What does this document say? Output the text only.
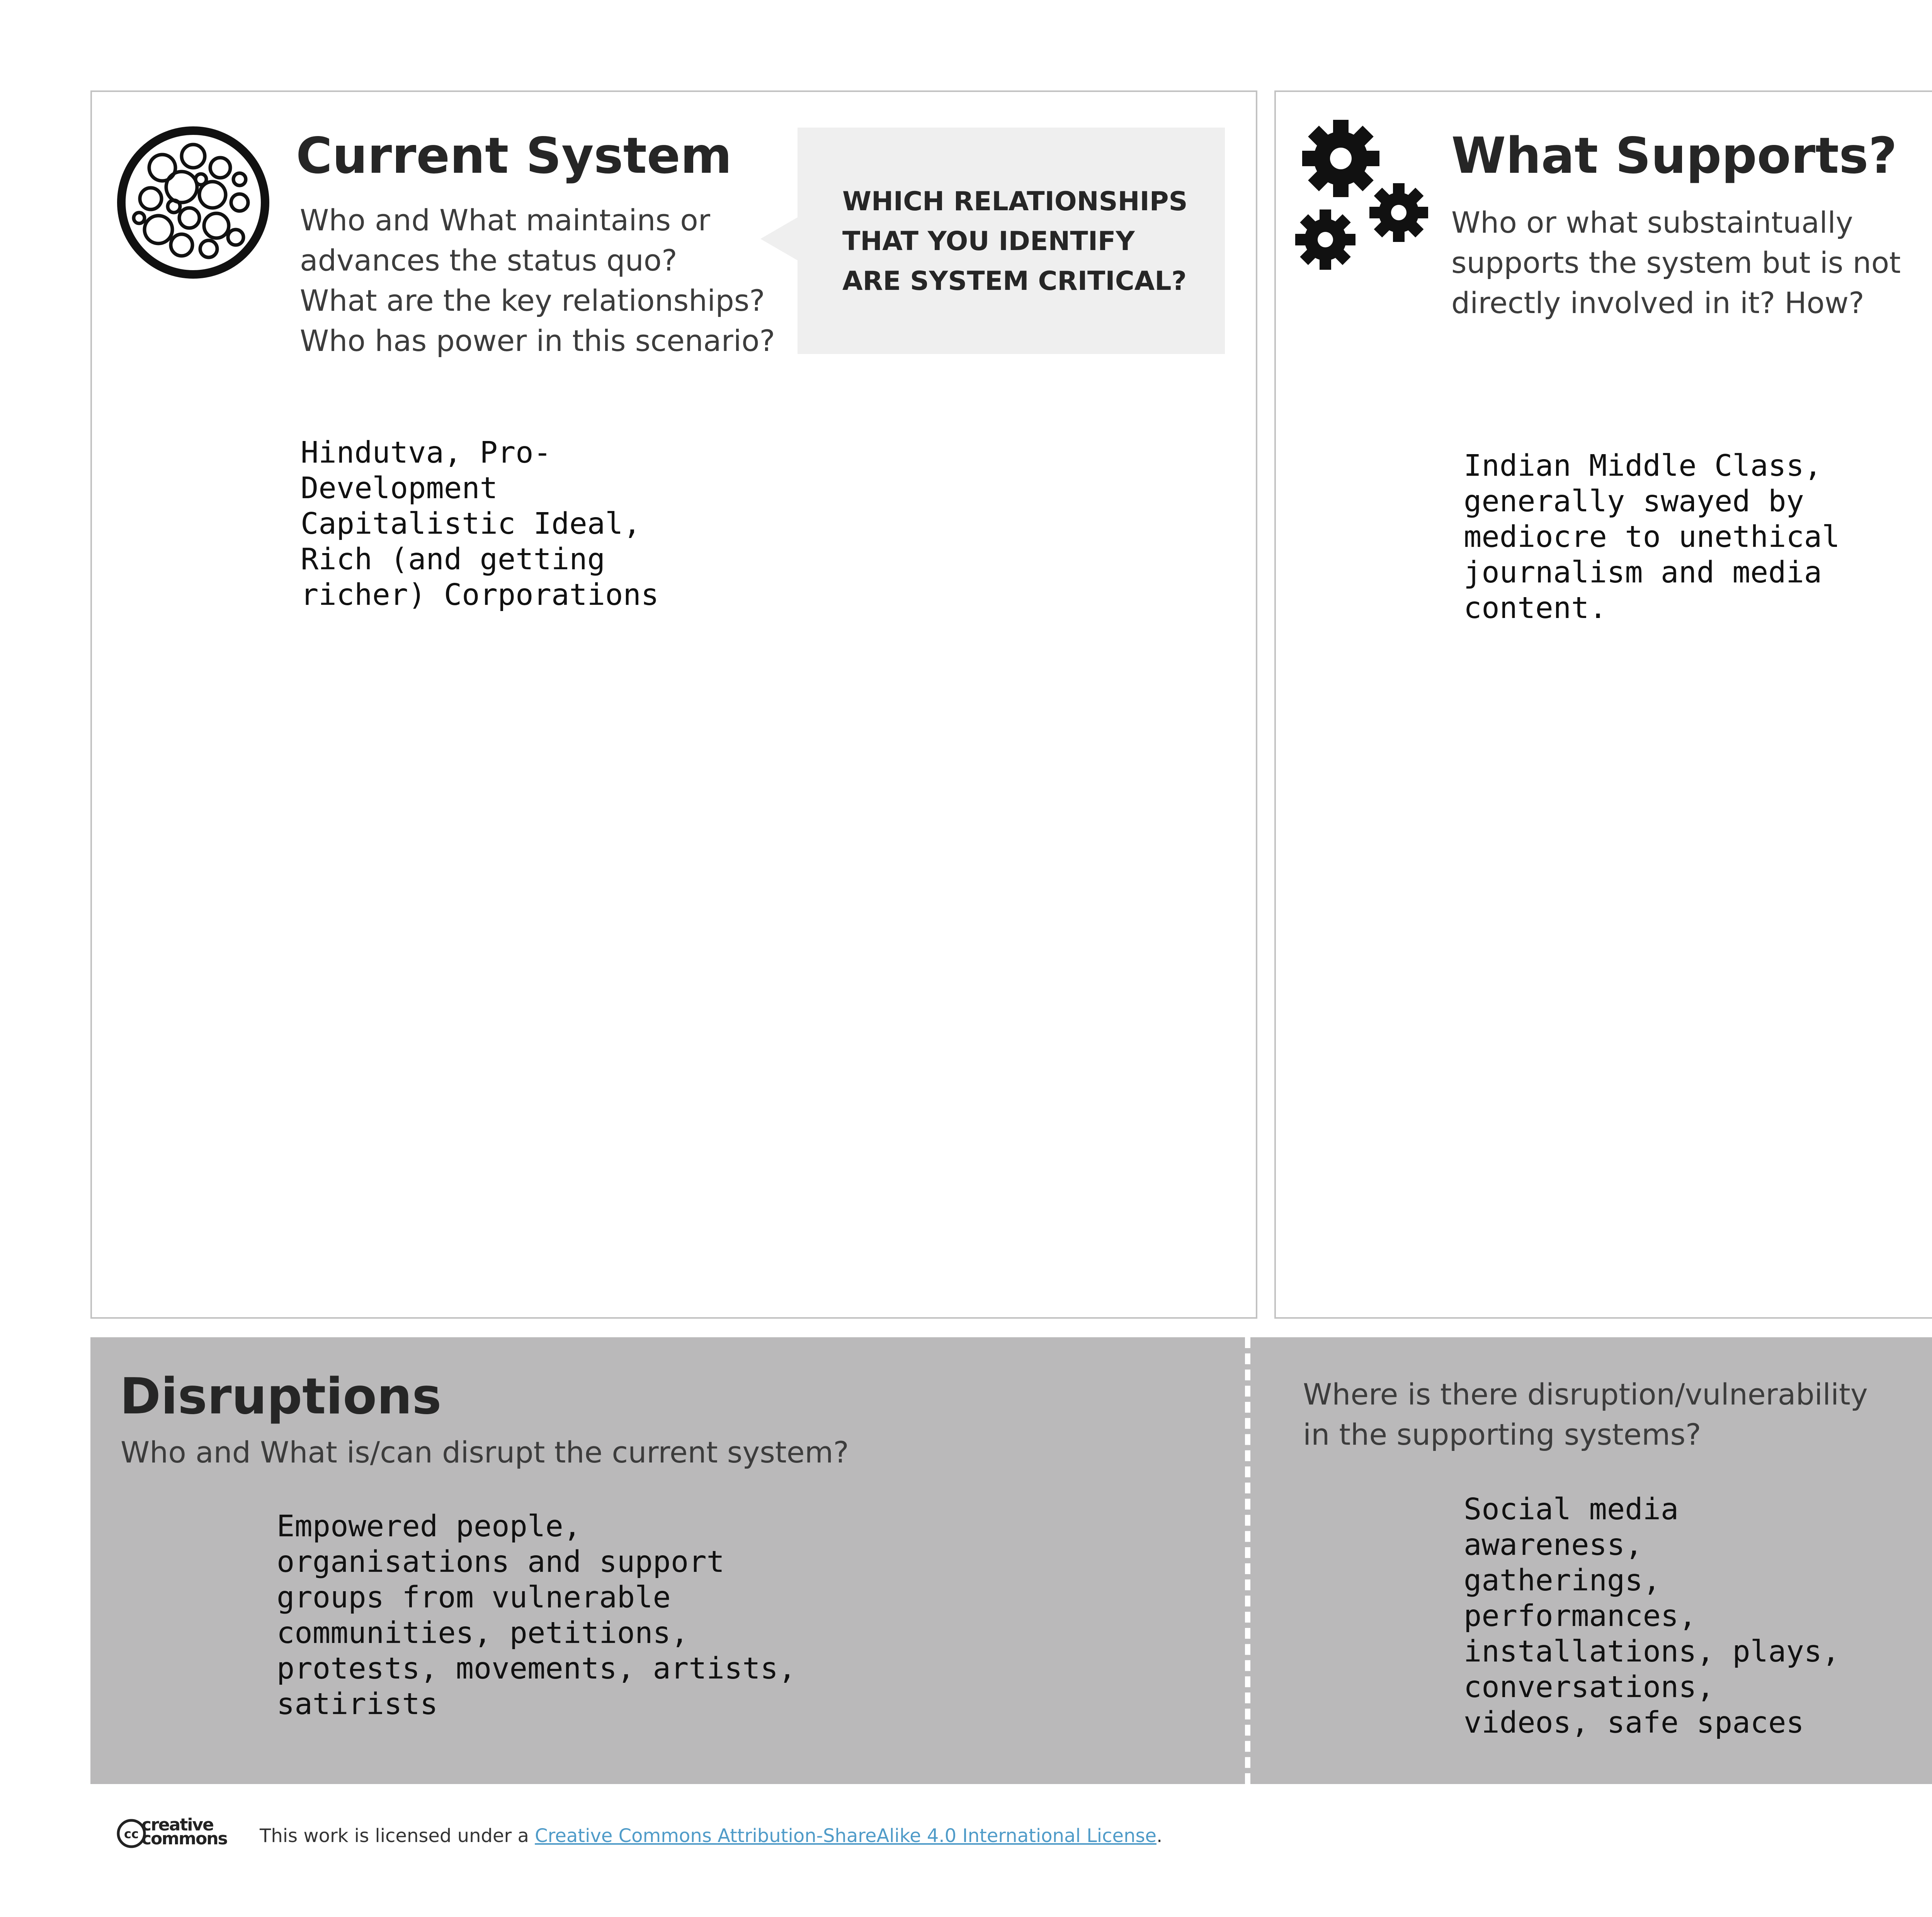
Current System
Who and What maintains or
advances the status quo?
What are the key relationships?
Who has power in this scenario?
WHICH RELATIONSHIPS
THAT YOU IDENTIFY
ARE SYSTEM CRITICAL?
Hindutva, Pro-
Development
Capitalistic Ideal,
Rich (and getting
richer) Corporations
What Supports?
Who or what substaintually
supports the system but is not
directly involved in it? How?
Indian Middle Class,
generally swayed by
mediocre to unethical
journalism and media
content.
Disruptions
Who and What is/can disrupt the current system?
Empowered people,
organisations and support
groups from vulnerable
communities, petitions,
protests, movements, artists,
satirists
Where is there disruption/vulnerability
in the supporting systems?
Social media
awareness,
gatherings,
performances,
installations, plays,
conversations,
videos, safe spaces
cc creative
commons This work is licensed under a Creative Commons Attribution-ShareAlike 4.0 International License.
